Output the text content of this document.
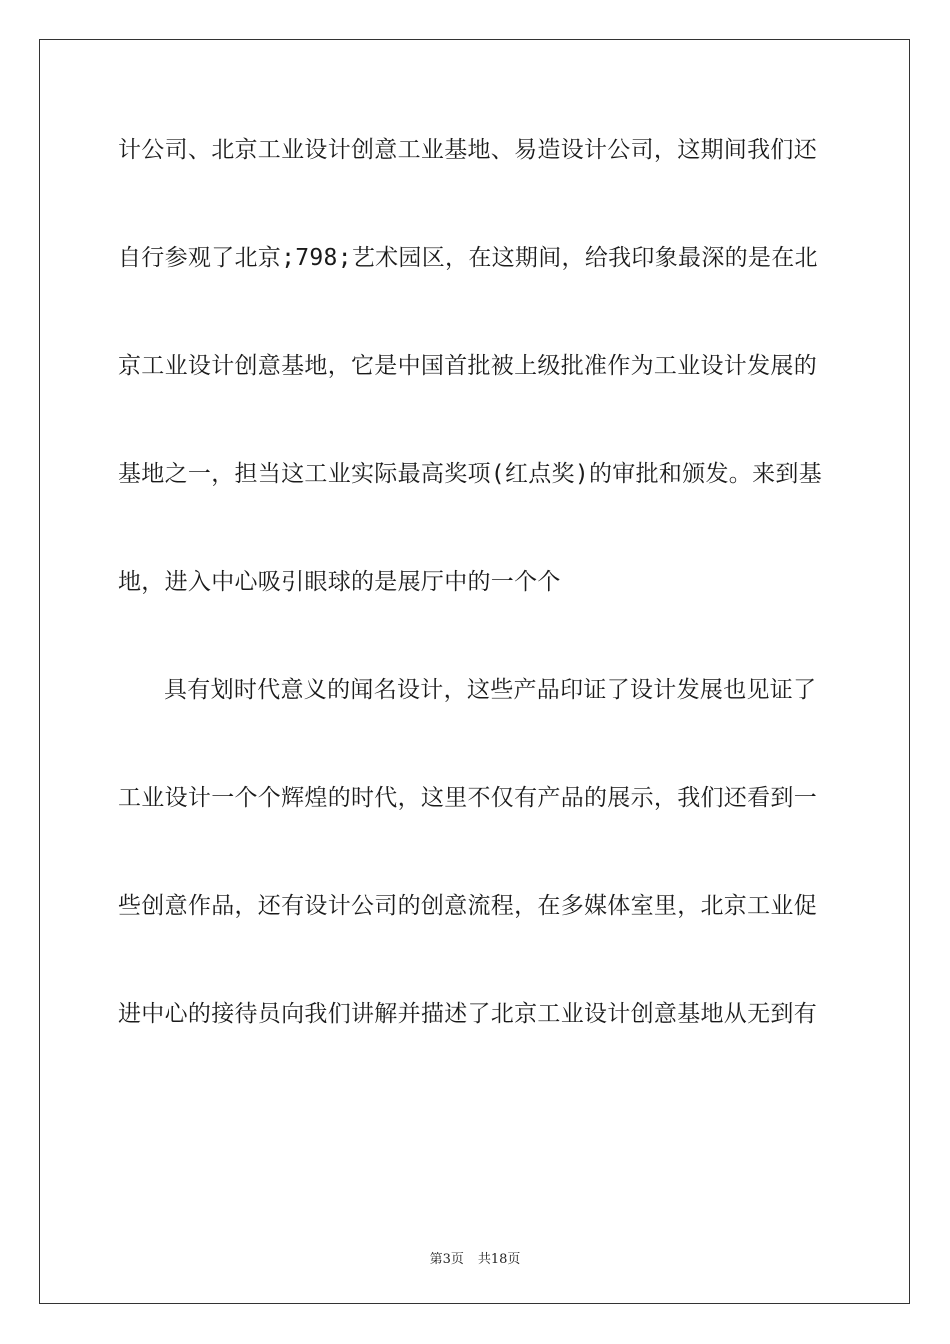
计公司、北京工业设计创意工业基地、易造设计公司，这期间我们还
自行参观了北京;798;艺术园区，在这期间，给我印象最深的是在北
京工业设计创意基地，它是中国首批被上级批准作为工业设计发展的
基地之一，担当这工业实际最高奖项(红点奖)的审批和颁发。来到基
地，进入中心吸引眼球的是展厅中的一个个
具有划时代意义的闻名设计，这些产品印证了设计发展也见证了
工业设计一个个辉煌的时代，这里不仅有产品的展示，我们还看到一
些创意作品，还有设计公司的创意流程，在多媒体室里，北京工业促
进中心的接待员向我们讲解并描述了北京工业设计创意基地从无到有
第3页 共18页
